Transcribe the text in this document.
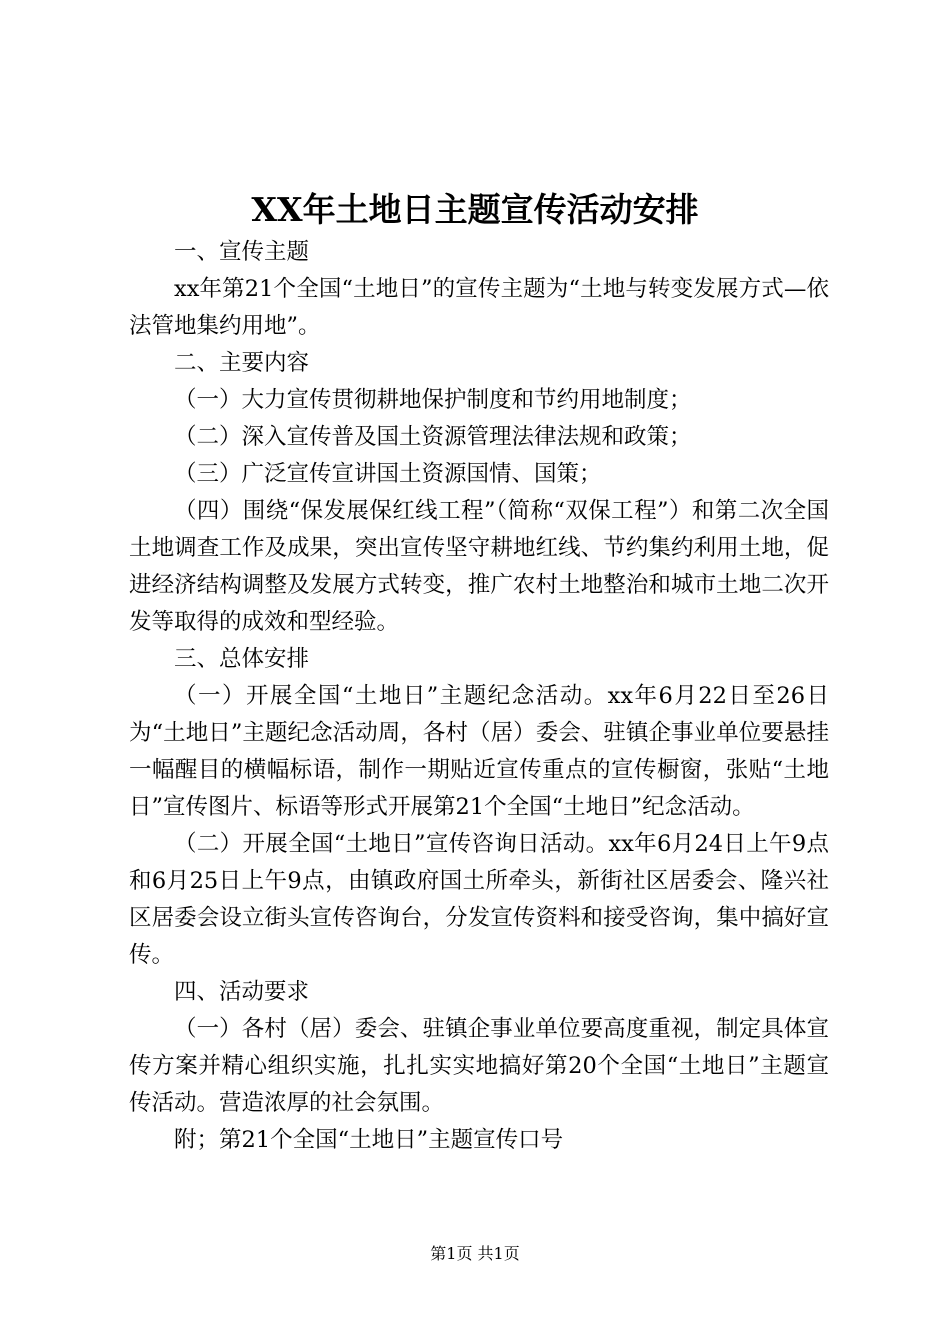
XX年土地日主题宣传活动安排

一、宣传主题

xx年第21个全国“土地日”的宣传主题为“土地与转变发展方式—依法管地集约用地”。

二、主要内容

（一）大力宣传贯彻耕地保护制度和节约用地制度；

（二）深入宣传普及国土资源管理法律法规和政策；

（三）广泛宣传宣讲国土资源国情、国策；

（四）围绕“保发展保红线工程”（简称“双保工程”）和第二次全国土地调查工作及成果，突出宣传坚守耕地红线、节约集约利用土地，促进经济结构调整及发展方式转变，推广农村土地整治和城市土地二次开发等取得的成效和型经验。

三、总体安排

（一）开展全国“土地日”主题纪念活动。xx年6月22日至26日为“土地日”主题纪念活动周，各村（居）委会、驻镇企事业单位要悬挂一幅醒目的横幅标语，制作一期贴近宣传重点的宣传橱窗，张贴“土地日”宣传图片、标语等形式开展第21个全国“土地日”纪念活动。

（二）开展全国“土地日”宣传咨询日活动。xx年6月24日上午9点和6月25日上午9点，由镇政府国土所牵头，新街社区居委会、隆兴社区居委会设立街头宣传咨询台，分发宣传资料和接受咨询，集中搞好宣传。

四、活动要求

（一）各村（居）委会、驻镇企事业单位要高度重视，制定具体宣传方案并精心组织实施，扎扎实实地搞好第20个全国“土地日”主题宣传活动。营造浓厚的社会氛围。

附；第21个全国“土地日”主题宣传口号

第1页 共1页
